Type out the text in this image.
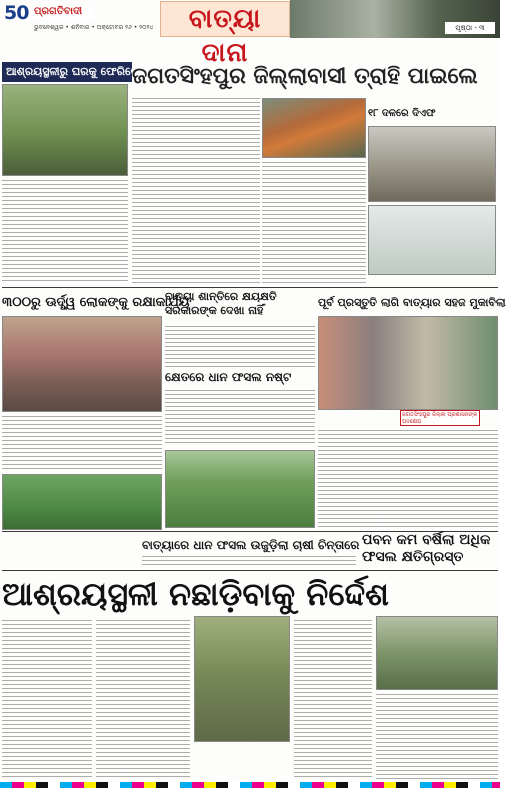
50 ପ୍ରଗତିବାଦୀ
ଭୁବନେଶ୍ୱର • ଶନିବାର • ଅକ୍ଟୋବର ୨୬ • ୨୦୨୪	ବାତ୍ୟା ଦାନା
ପୃଷ୍ଠା - ୩
ଆଶ୍ରୟସ୍ଥଳୀରୁ ଘରକୁ ଫେରିଲେ
ଜଗତସିଂହପୁର ଜିଲ୍ଲାବାସୀ ତ୍ରାହି ପାଇଲେ
୧୮ ଦଳରେ ଦିଏଫ
୩୦୦ରୁ ଊର୍ଦ୍ଧ୍ୱ ଲୋକଙ୍କୁ ରକ୍ଷାକାର୍ଯ୍ୟ
ବାତ୍ୟା ଶାନ୍ତିରେ କ୍ଷୟକ୍ଷତି ସରକାରଙ୍କ ଦେଖା ନାହିଁ
ପୂର୍ବ ପ୍ରସ୍ତୁତି ଲାଗି ବାତ୍ୟାର ସହଜ ମୁକାବିଲା
କ୍ଷେତରେ ଧାନ ଫସଲ ନଷ୍ଟ
ଜଗତସିଂହପୁର ଜିଲ୍ଲା ପ୍ରଶାସନଙ୍କ ପଦକ୍ଷେପ
ବାତ୍ୟାରେ ଧାନ ଫସଲ ଉଜୁଡ଼ିଲା ଚାଷୀ ଚିନ୍ତାରେ ପବନ କମ ବର୍ଷିଲା ଅଧିକ ଫସଲ କ୍ଷତିଗ୍ରସ୍ତ
ଆଶ୍ରୟସ୍ଥଳୀ ନଛାଡ଼ିବାକୁ ନିର୍ଦ୍ଦେଶ
